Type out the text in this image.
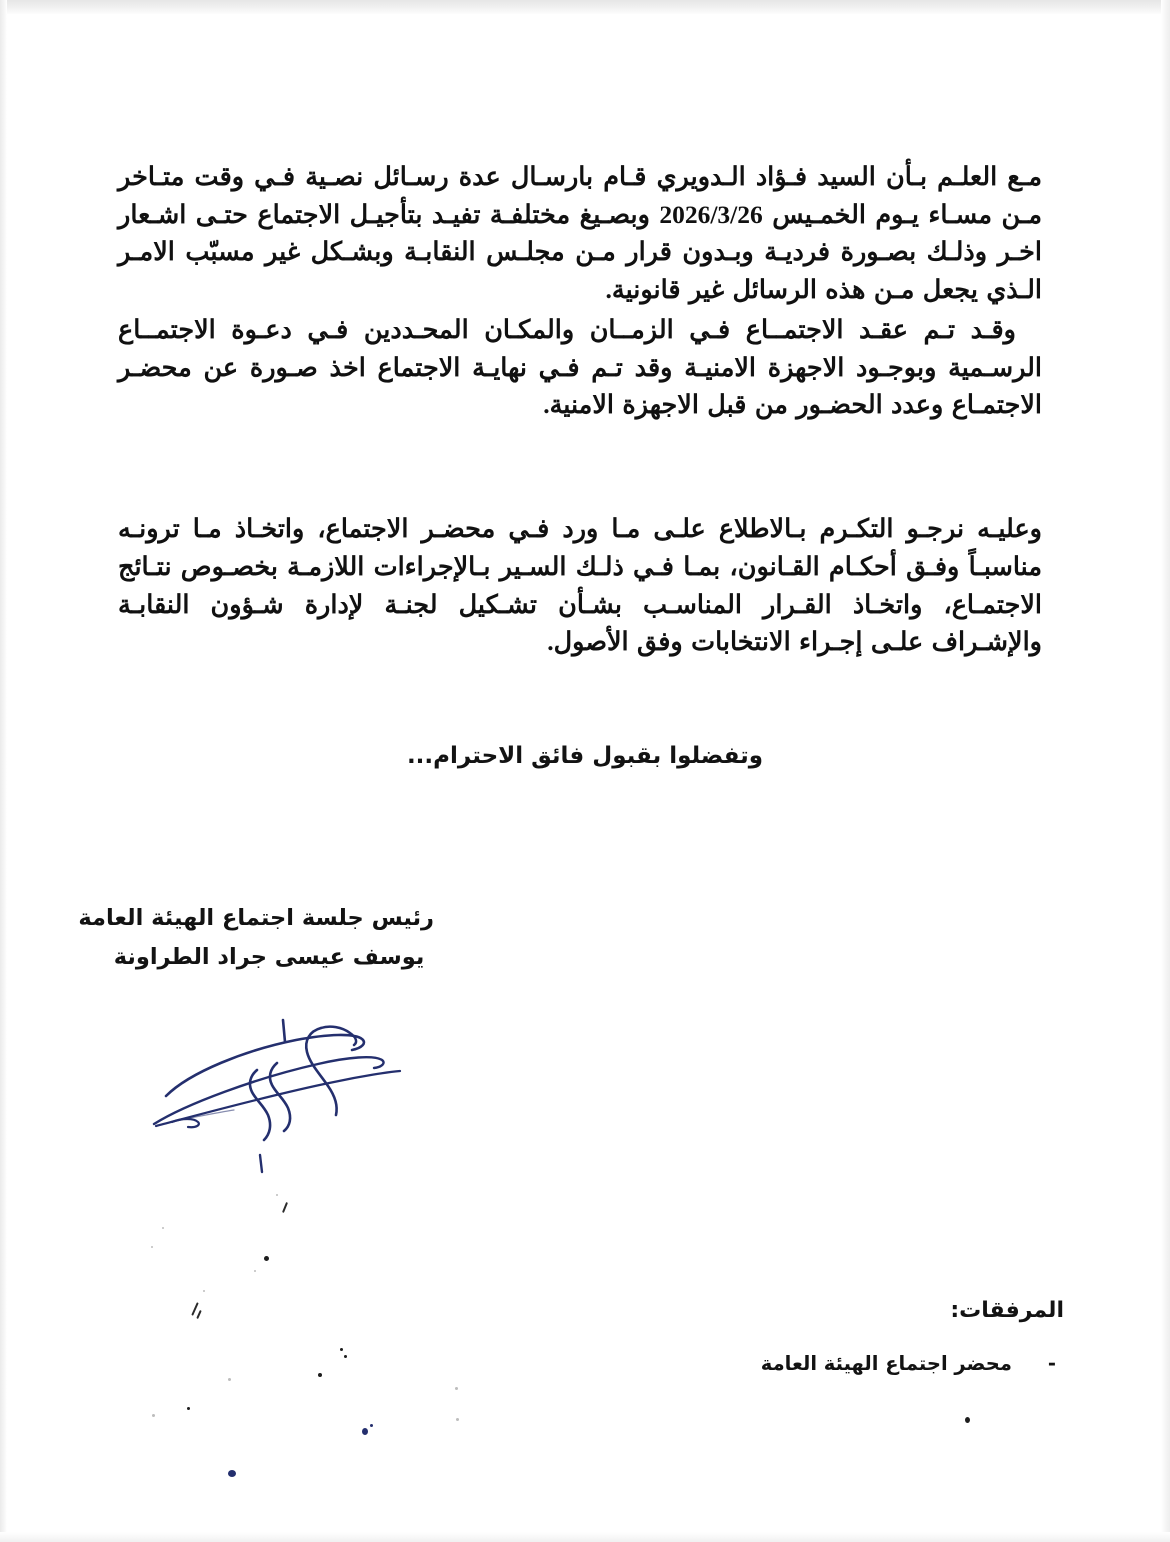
مـع العلـم بـأن السيد فـؤاد الـدويري قـام بارسـال عدة رسـائل نصـية فـي وقت متـاخر مـن مسـاء يـوم الخمـيس 2026/3/26 وبصـيغ مختلفـة تفيـد بتأجيـل الاجتماع حتـى اشـعار اخـر وذلـك بصـورة فرديـة وبـدون قرار مـن مجلـس النقابـة وبشـكل غير مسبّب الامـر الـذي يجعل مـن هذه الرسائل غير قانونية.

وقـد تـم عقـد الاجتمــاع فـي الزمــان والمكـان المحـددين فـي دعـوة الاجتمــاع الرسـمية وبوجـود الاجهزة الامنيـة وقد تـم فـي نهايـة الاجتماع اخذ صـورة عن محضـر الاجتمـاع وعدد الحضـور من قبل الاجهزة الامنية.

وعليـه نرجـو التكـرم بـالاطلاع علـى مـا ورد فـي محضـر الاجتماع، واتخـاذ مـا ترونـه مناسبـاً وفـق أحكـام القـانون، بمـا فـي ذلـك السـير بـالإجراءات اللازمـة بخصـوص نتـائج الاجتمـاع، واتخـاذ القـرار المناسـب بشـأن تشـكيل لجنـة لإدارة شـؤون النقابـة والإشـراف علـى إجـراء الانتخابات وفق الأصول.

وتفضلوا بقبول فائق الاحترام...
رئيس جلسة اجتماع الهيئة العامة
يوسف عيسى جراد الطراونة
المرفقات:
-
محضر اجتماع الهيئة العامة
